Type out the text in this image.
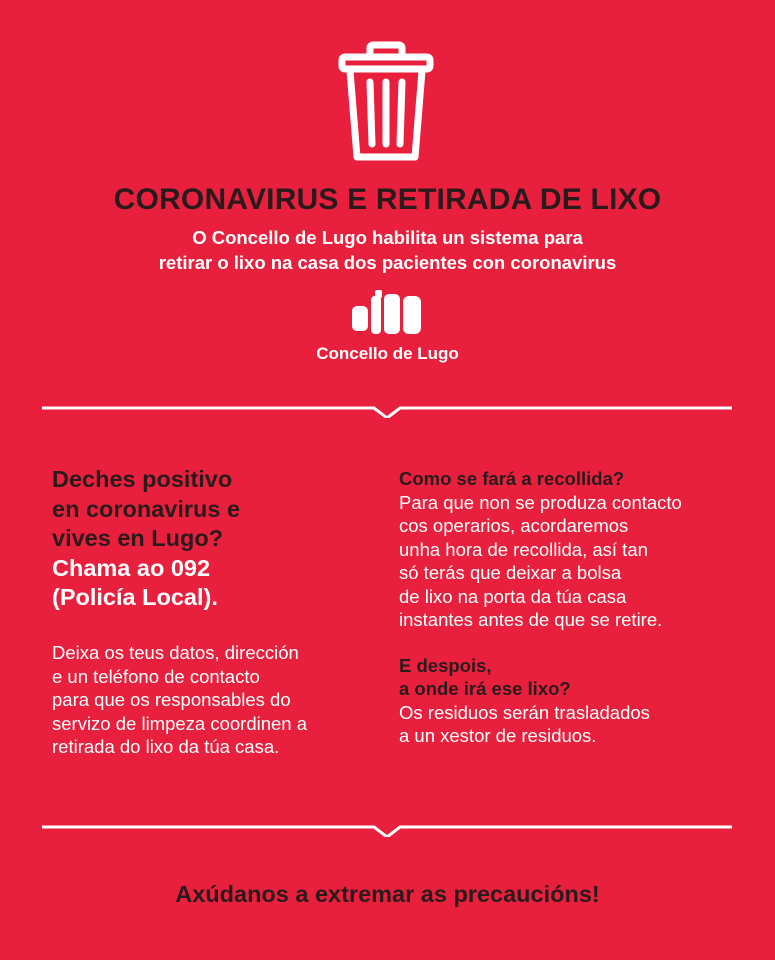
CORONAVIRUS E RETIRADA DE LIXO
O Concello de Lugo habilita un sistema para
retirar o lixo na casa dos pacientes con coronavirus
Concello de Lugo
Deches positivo
en coronavirus e
vives en Lugo?
Chama ao 092
(Policía Local).
Deixa os teus datos, dirección
e un teléfono de contacto
para que os responsables do
servizo de limpeza coordinen a
retirada do lixo da túa casa.
Como se fará a recollida?
Para que non se produza contacto
cos operarios, acordaremos
unha hora de recollida, así tan
só terás que deixar a bolsa
de lixo na porta da túa casa
instantes antes de que se retire.
E despois,
a onde irá ese lixo?
Os residuos serán trasladados
a un xestor de residuos.
Axúdanos a extremar as precaucións!
